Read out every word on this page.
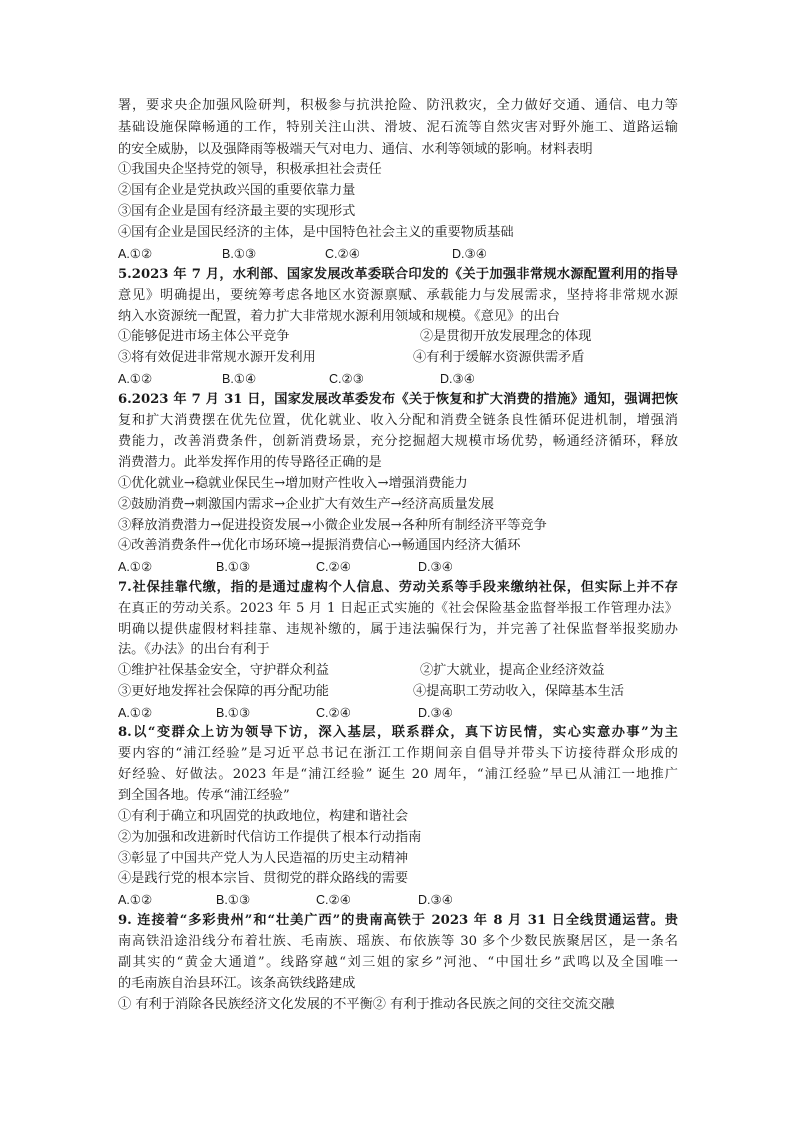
署，要求央企加强风险研判，积极参与抗洪抢险、防汛救灾，全力做好交通、通信、电力等
基础设施保障畅通的工作，特别关注山洪、滑坡、泥石流等自然灾害对野外施工、道路运输
的安全威胁，以及强降雨等极端天气对电力、通信、水利等领域的影响。材料表明
①我国央企坚持党的领导，积极承担社会责任
②国有企业是党执政兴国的重要依靠力量
③国有企业是国有经济最主要的实现形式
④国有企业是国民经济的主体，是中国特色社会主义的重要物质基础
A.①②	B.①③	C.②④	D.③④
5.2023 年 7 月，水利部、国家发展改革委联合印发的《关于加强非常规水源配置利用的指导
意见》明确提出，要统筹考虑各地区水资源禀赋、承载能力与发展需求，坚持将非常规水源
纳入水资源统一配置，着力扩大非常规水源利用领域和规模。《意见》的出台
①能够促进市场主体公平竞争	②是贯彻开放发展理念的体现
③将有效促进非常规水源开发利用	④有利于缓解水资源供需矛盾
A.①②	B.①④	C.②③	D.③④
6.2023 年 7 月 31 日，国家发展改革委发布《关于恢复和扩大消费的措施》通知，强调把恢
复和扩大消费摆在优先位置，优化就业、收入分配和消费全链条良性循环促进机制，增强消
费能力，改善消费条件，创新消费场景，充分挖掘超大规模市场优势，畅通经济循环，释放
消费潜力。此举发挥作用的传导路径正确的是
①优化就业→稳就业保民生→增加财产性收入→增强消费能力
②鼓励消费→刺激国内需求→企业扩大有效生产→经济高质量发展
③释放消费潜力→促进投资发展→小微企业发展→各种所有制经济平等竞争
④改善消费条件→优化市场环境→提振消费信心→畅通国内经济大循环
A.①②	B.①③	C.②④	D.③④
7.社保挂靠代缴，指的是通过虚构个人信息、劳动关系等手段来缴纳社保，但实际上并不存
在真正的劳动关系。2023 年 5 月 1 日起正式实施的《社会保险基金监督举报工作管理办法》
明确以提供虚假材料挂靠、违规补缴的，属于违法骗保行为，并完善了社保监督举报奖励办
法。《办法》的出台有利于
①维护社保基金安全，守护群众利益	②扩大就业，提高企业经济效益
③更好地发挥社会保障的再分配功能	④提高职工劳动收入，保障基本生活
A.①②	B.①③	C.②④	D.③④
8.以“变群众上访为领导下访，深入基层，联系群众，真下访民情，实心实意办事”为主
要内容的“浦江经验”是习近平总书记在浙江工作期间亲自倡导并带头下访接待群众形成的
好经验、好做法。2023 年是“浦江经验” 诞生 20 周年，“浦江经验”早已从浦江一地推广
到全国各地。传承“浦江经验”
①有利于确立和巩固党的执政地位，构建和谐社会
②为加强和改进新时代信访工作提供了根本行动指南
③彰显了中国共产党人为人民造福的历史主动精神
④是践行党的根本宗旨、贯彻党的群众路线的需要
A.①②	B.①③	C.②④	D.③④
9. 连接着“多彩贵州”和“壮美广西”的贵南高铁于 2023 年 8 月 31 日全线贯通运营。贵
南高铁沿途沿线分布着壮族、毛南族、瑶族、布依族等 30 多个少数民族聚居区，是一条名
副其实的“黄金大通道”。线路穿越“刘三姐的家乡”河池、“中国壮乡”武鸣以及全国唯一
的毛南族自治县环江。该条高铁线路建成
① 有利于消除各民族经济文化发展的不平衡② 有利于推动各民族之间的交往交流交融
